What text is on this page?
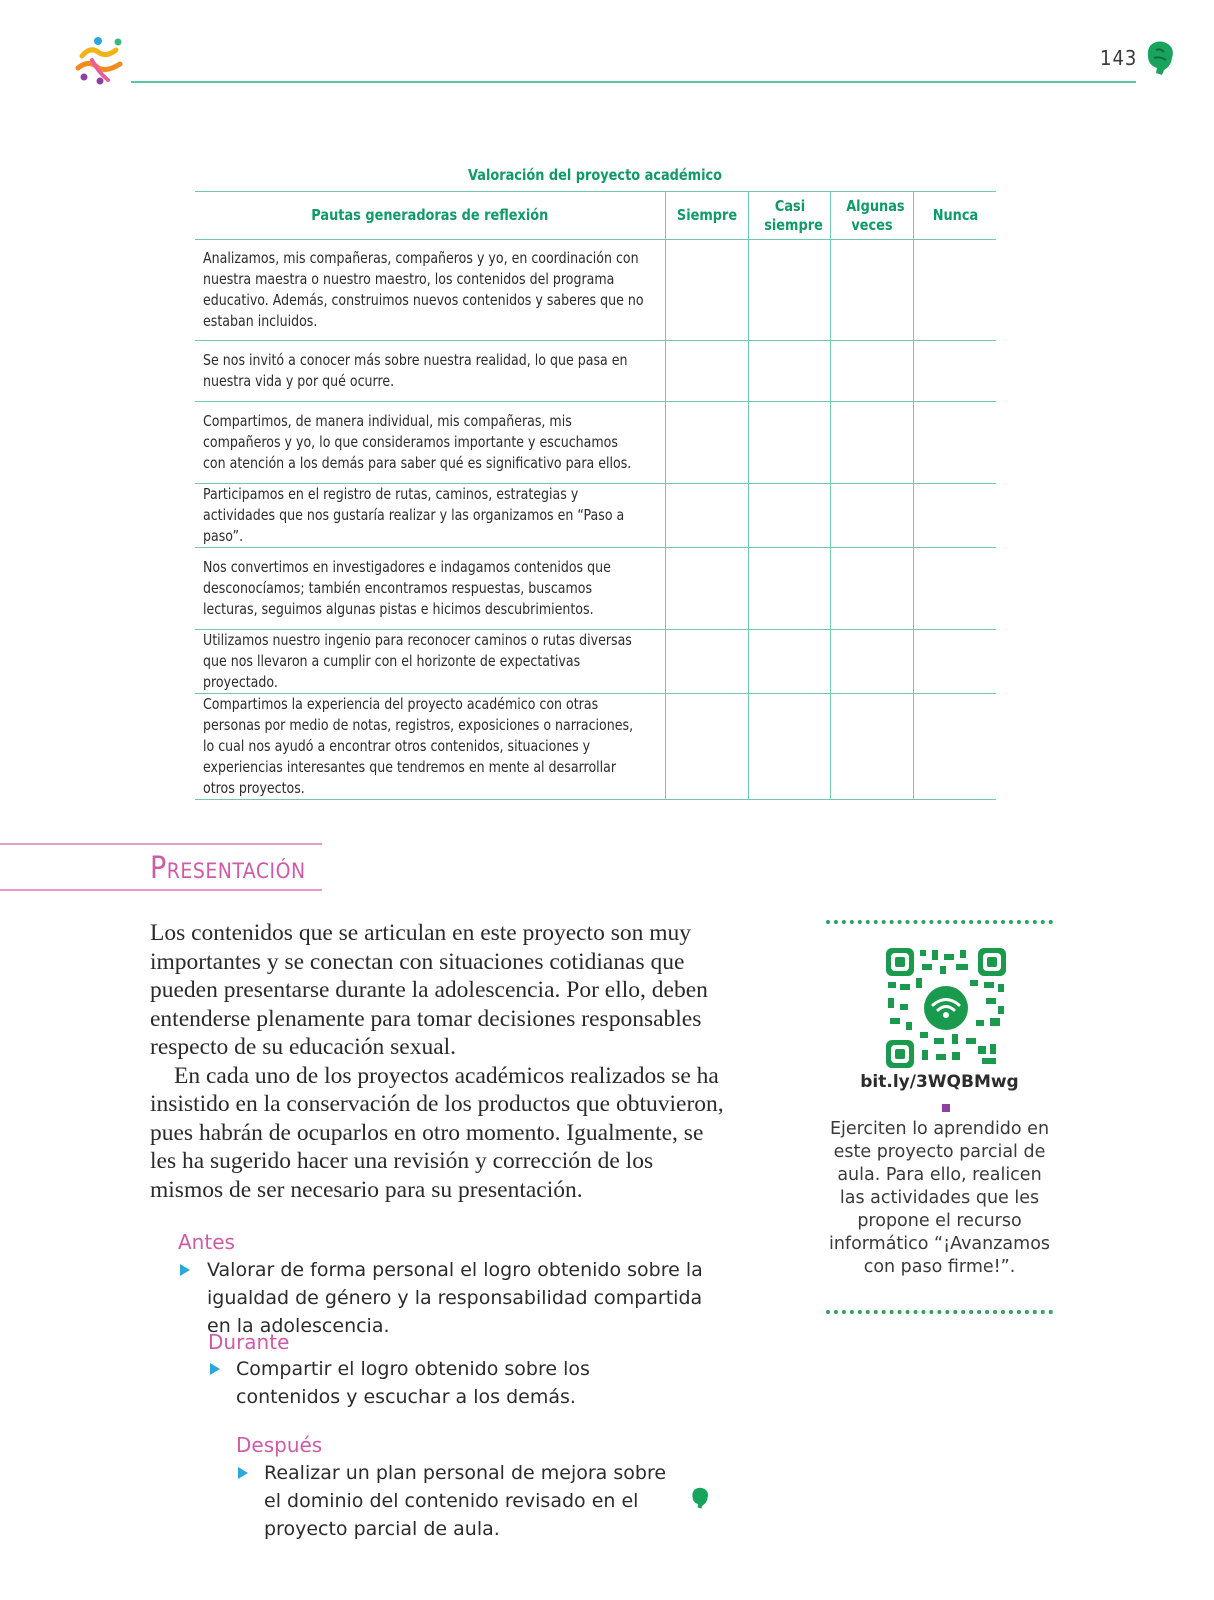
143
Valoración del proyecto académico
Pautas generadoras de reflexión	Siempre	Casi siempre	Algunas veces	Nunca
Analizamos, mis compañeras, compañeros y yo, en coordinación con nuestra maestra o nuestro maestro, los contenidos del programa educativo. Además, construimos nuevos contenidos y saberes que no estaban incluidos.				
Se nos invitó a conocer más sobre nuestra realidad, lo que pasa en nuestra vida y por qué ocurre.				
Compartimos, de manera individual, mis compañeras, mis compañeros y yo, lo que consideramos importante y escuchamos con atención a los demás para saber qué es significativo para ellos.				
Participamos en el registro de rutas, caminos, estrategias y actividades que nos gustaría realizar y las organizamos en “Paso a paso”.				
Nos convertimos en investigadores e indagamos contenidos que desconocíamos; también encontramos respuestas, buscamos lecturas, seguimos algunas pistas e hicimos descubrimientos.				
Utilizamos nuestro ingenio para reconocer caminos o rutas diversas que nos llevaron a cumplir con el horizonte de expectativas proyectado.				
Compartimos la experiencia del proyecto académico con otras personas por medio de notas, registros, exposiciones o narraciones, lo cual nos ayudó a encontrar otros contenidos, situaciones y experiencias interesantes que tendremos en mente al desarrollar otros proyectos.				
Presentación

Los contenidos que se articulan en este proyecto son muy importantes y se conectan con situaciones cotidianas que pueden presentarse durante la adolescencia. Por ello, deben entenderse plenamente para tomar decisiones responsables respecto de su educación sexual.

En cada uno de los proyectos académicos realizados se ha insistido en la conservación de los productos que obtuvieron, pues habrán de ocuparlos en otro momento. Igualmente, se les ha sugerido hacer una revisión y corrección de los mismos de ser necesario para su presentación.

Antes
Valorar de forma personal el logro obtenido sobre la igualdad de género y la responsabilidad compartida en la adolescencia.
Durante
Compartir el logro obtenido sobre los contenidos y escuchar a los demás.
Después
Realizar un plan personal de mejora sobre el dominio del contenido revisado en el proyecto parcial de aula.
bit.ly/3WQBMwg
Ejerciten lo aprendido en este proyecto parcial de aula. Para ello, realicen las actividades que les propone el recurso informático “¡Avanzamos con paso firme!”.
